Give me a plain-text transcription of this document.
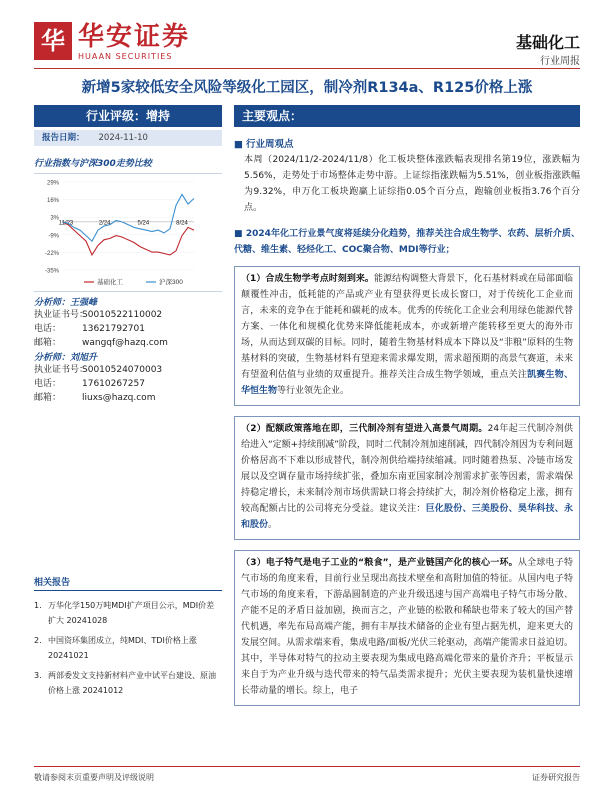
华 华安证券
HUAAN SECURITIES
基础化工
行业周报
新增5家较低安全风险等级化工园区，制冷剂R134a、R125价格上涨
行业评级：增持
报告日期： 2024-11-10
行业指数与沪深300走势比较
29%
16%
3%
-9%
-22%
-35%
11/23	2/24	5/24	8/24
基础化工	沪深300
分析师：王强峰
执业证书号：S0010522110002
电话： 13621792701
邮箱： wangqf@hazq.com
分析师：刘旭升
执业证书号：S0010524070003
电话： 17610267257
邮箱： liuxs@hazq.com
相关报告
1. 万华化学150万吨MDI扩产项目公示，MDI价差扩大 20241028
2. 中国资环集团成立，纯MDI、TDI价格上涨 20241021
3. 两部委发文支持新材料产业中试平台建设、原油价格上涨 20241012
主要观点：
■ 行业周观点
本周（2024/11/2-2024/11/8）化工板块整体涨跌幅表现排名第19位，涨跌幅为5.56%，走势处于市场整体走势中游。上证综指涨跌幅为5.51%，创业板指涨跌幅为9.32%，申万化工板块跑赢上证综指0.05个百分点，跑输创业板指3.76个百分点。
■ 2024年化工行业景气度将延续分化趋势，推荐关注合成生物学、农药、层析介质、代糖、维生素、轻烃化工、COC聚合物、MDI等行业；
（1）合成生物学考点时刻到来。能源结构调整大背景下，化石基材料或在局部面临颠覆性冲击，低耗能的产品或产业有望获得更长成长窗口，对于传统化工企业而言，未来的竞争在于能耗和碳耗的成本。优秀的传统化工企业会利用绿色能源代替方案、一体化和规模化优势来降低能耗成本，亦或新增产能转移至更大的海外市场，从而达到双碳的目标。同时，随着生物基材料成本下降以及“非粮”原料的生物基材料的突破，生物基材料有望迎来需求爆发期，需求超预期的高景气赛道，未来有望盈利估值与业绩的双重提升。推荐关注合成生物学领域，重点关注凯赛生物、华恒生物等行业领先企业。
（2）配额政策落地在即，三代制冷剂有望进入高景气周期。24年起三代制冷剂供给进入“定额+持续削减”阶段，同时二代制冷剂加速削减，四代制冷剂因为专利问题价格居高不下难以形成替代，制冷剂供给端持续缩减。同时随着热泵、冷链市场发展以及空调存量市场持续扩张，叠加东南亚国家制冷剂需求扩张等因素，需求端保持稳定增长，未来制冷剂市场供需缺口将会持续扩大，制冷剂价格稳定上涨，拥有较高配额占比的公司将充分受益。建议关注：巨化股份、三美股份、昊华科技、永和股份。
（3）电子特气是电子工业的“粮食”，是产业链国产化的核心一环。从全球电子特气市场的角度来看，目前行业呈现出高技术壁垒和高附加值的特征。从国内电子特气市场的角度来看，下游晶圆制造的产业升级迅速与国产高端电子特气市场分散、产能不足的矛盾日益加剧，换而言之，产业链的松散和稀缺也带来了较大的国产替代机遇，率先布局高端产能，拥有丰厚技术储备的企业有望占据先机，迎来更大的发展空间。从需求端来看，集成电路/面板/光伏三轮驱动，高端产能需求日益迫切。其中，半导体对特气的拉动主要表现为集成电路高端化带来的量价齐升；平板显示来自于为产业升级与迭代带来的特气品类需求提升；光伏主要表现为装机量快速增长带动量的增长。综上，电子
敬请参阅末页重要声明及评级说明	证券研究报告
